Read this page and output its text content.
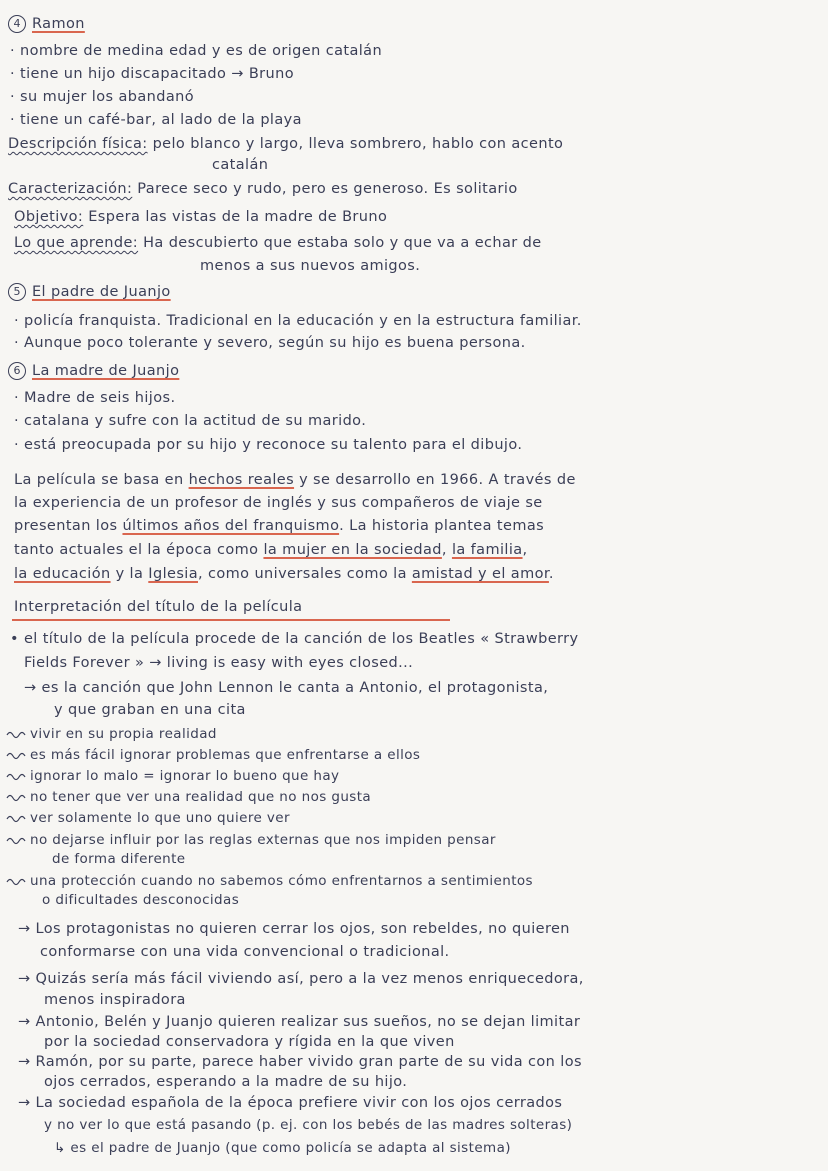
4 Ramon
· nombre de medina edad y es de origen catalán
· tiene un hijo discapacitado → Bruno
· su mujer los abandanó
· tiene un café-bar, al lado de la playa
Descripción física: pelo blanco y largo, lleva sombrero, hablo con acento
catalán
Caracterización: Parece seco y rudo, pero es generoso. Es solitario
Objetivo: Espera las vistas de la madre de Bruno
Lo que aprende: Ha descubierto que estaba solo y que va a echar de
menos a sus nuevos amigos.
5 El padre de Juanjo
· policía franquista. Tradicional en la educación y en la estructura familiar.
· Aunque poco tolerante y severo, según su hijo es buena persona.
6 La madre de Juanjo
· Madre de seis hijos.
· catalana y sufre con la actitud de su marido.
· está preocupada por su hijo y reconoce su talento para el dibujo.
La película se basa en hechos reales y se desarrollo en 1966. A través de
la experiencia de un profesor de inglés y sus compañeros de viaje se
presentan los últimos años del franquismo. La historia plantea temas
tanto actuales el la época como la mujer en la sociedad, la familia,
la educación y la Iglesia, como universales como la amistad y el amor.
Interpretación del título de la película
• el título de la película procede de la canción de los Beatles « Strawberry
Fields Forever » → living is easy with eyes closed...
→ es la canción que John Lennon le canta a Antonio, el protagonista,
y que graban en una cita
vivir en su propia realidad
es más fácil ignorar problemas que enfrentarse a ellos
ignorar lo malo = ignorar lo bueno que hay
no tener que ver una realidad que no nos gusta
ver solamente lo que uno quiere ver
no dejarse influir por las reglas externas que nos impiden pensar
de forma diferente
una protección cuando no sabemos cómo enfrentarnos a sentimientos
o dificultades desconocidas
→ Los protagonistas no quieren cerrar los ojos, son rebeldes, no quieren
conformarse con una vida convencional o tradicional.
→ Quizás sería más fácil viviendo así, pero a la vez menos enriquecedora,
menos inspiradora
→ Antonio, Belén y Juanjo quieren realizar sus sueños, no se dejan limitar
por la sociedad conservadora y rígida en la que viven
→ Ramón, por su parte, parece haber vivido gran parte de su vida con los
ojos cerrados, esperando a la madre de su hijo.
→ La sociedad española de la época prefiere vivir con los ojos cerrados
y no ver lo que está pasando (p. ej. con los bebés de las madres solteras)
↳ es el padre de Juanjo (que como policía se adapta al sistema)
